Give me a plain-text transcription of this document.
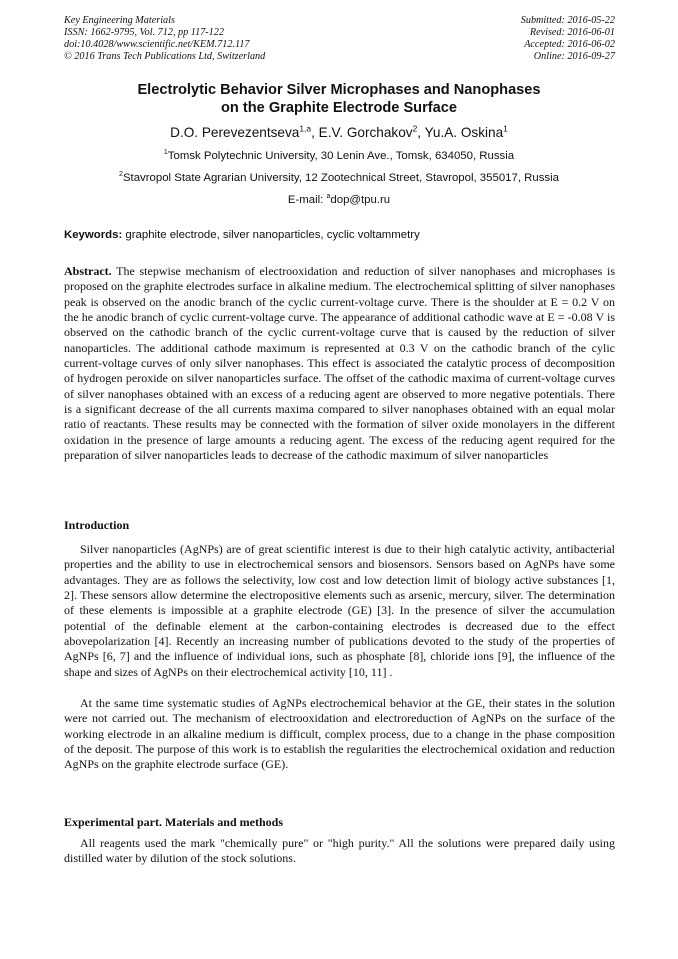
Key Engineering Materials
ISSN: 1662-9795, Vol. 712, pp 117-122
doi:10.4028/www.scientific.net/KEM.712.117
© 2016 Trans Tech Publications Ltd, Switzerland
Submitted: 2016-05-22
Revised: 2016-06-01
Accepted: 2016-06-02
Online: 2016-09-27
Electrolytic Behavior Silver Microphases and Nanophases
on the Graphite Electrode Surface
D.O. Perevezentseva$^{1,a}$, E.V. Gorchakov$^2$, Yu.A. Oskina$^1$
$^1$Tomsk Polytechnic University, 30 Lenin Ave., Tomsk, 634050, Russia
$^2$Stavropol State Agrarian University, 12 Zootechnical Street, Stavropol, 355017, Russia
E-mail: $^a$dop@tpu.ru
Keywords: graphite electrode, silver nanoparticles, cyclic voltammetry
Abstract. The stepwise mechanism of electrooxidation and reduction of silver nanophases and microphases is proposed on the graphite electrodes surface in alkaline medium. The electrochemical splitting of silver nanophases peak is observed on the anodic branch of the cyclic current-voltage curve. There is the shoulder at E = 0.2 V on the he anodic branch of cyclic current-voltage curve. The appearance of additional cathodic wave at E = -0.08 V is observed on the cathodic branch of the cyclic current-voltage curve that is caused by the reduction of silver nanoparticles. The additional cathode maximum is represented at 0.3 V on the cathodic branch of the cylic current-voltage curves of only silver nanophases. This effect is associated the catalytic process of decomposition of hydrogen peroxide on silver nanoparticles surface. The offset of the cathodic maxima of current-voltage curves of silver nanophases obtained with an excess of a reducing agent are observed to more negative potentials. There is a significant decrease of the all currents maxima compared to silver nanophases obtained with an equal molar ratio of reactants. These results may be connected with the formation of silver oxide monolayers in the different oxidation in the presence of large amounts a reducing agent. The excess of the reducing agent required for the preparation of silver nanoparticles leads to decrease of the cathodic maximum of silver nanoparticles
Introduction
Silver nanoparticles (AgNPs) are of great scientific interest is due to their high catalytic activity, antibacterial properties and the ability to use in electrochemical sensors and biosensors. Sensors based on AgNPs have some advantages. They are as follows the selectivity, low cost and low detection limit of biology active substances [1, 2]. These sensors allow determine the electropositive elements such as arsenic, mercury, silver. The determination of these elements is impossible at a graphite electrode (GE) [3]. In the presence of silver the accumulation potential of the definable element at the carbon-containing electrodes is decreased due to the effect abovepolarization [4]. Recently an increasing number of publications devoted to the study of the properties of AgNPs [6, 7] and the influence of individual ions, such as phosphate [8], chloride ions [9], the influence of the shape and sizes of AgNPs on their electrochemical activity [10, 11] .
At the same time systematic studies of AgNPs electrochemical behavior at the GE, their states in the solution were not carried out. The mechanism of electrooxidation and electroreduction of AgNPs on the surface of the working electrode in an alkaline medium is difficult, complex process, due to a change in the phase composition of the deposit. The purpose of this work is to establish the regularities the electrochemical oxidation and reduction AgNPs on the graphite electrode surface (GE).
Experimental part. Materials and methods
All reagents used the mark "chemically pure" or "high purity." All the solutions were prepared daily using distilled water by dilution of the stock solutions.
